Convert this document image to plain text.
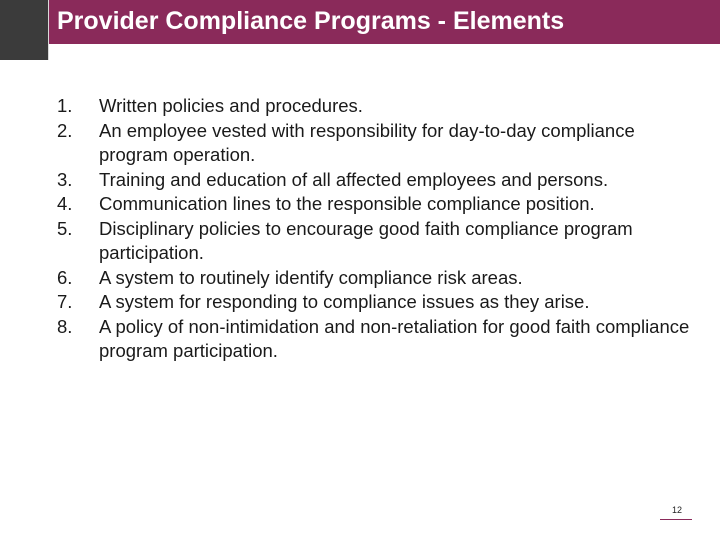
Provider Compliance Programs - Elements
1.	Written policies and procedures.
2.	An employee vested with responsibility for day-to-day compliance program operation.
3.	Training and education of all affected employees and persons.
4.	Communication lines to the responsible compliance position.
5.	Disciplinary policies to encourage good faith compliance program participation.
6.	A system to routinely identify compliance risk areas.
7.	A system for responding to compliance issues as they arise.
8.	A policy of non-intimidation and non-retaliation for good faith compliance program participation.
12
